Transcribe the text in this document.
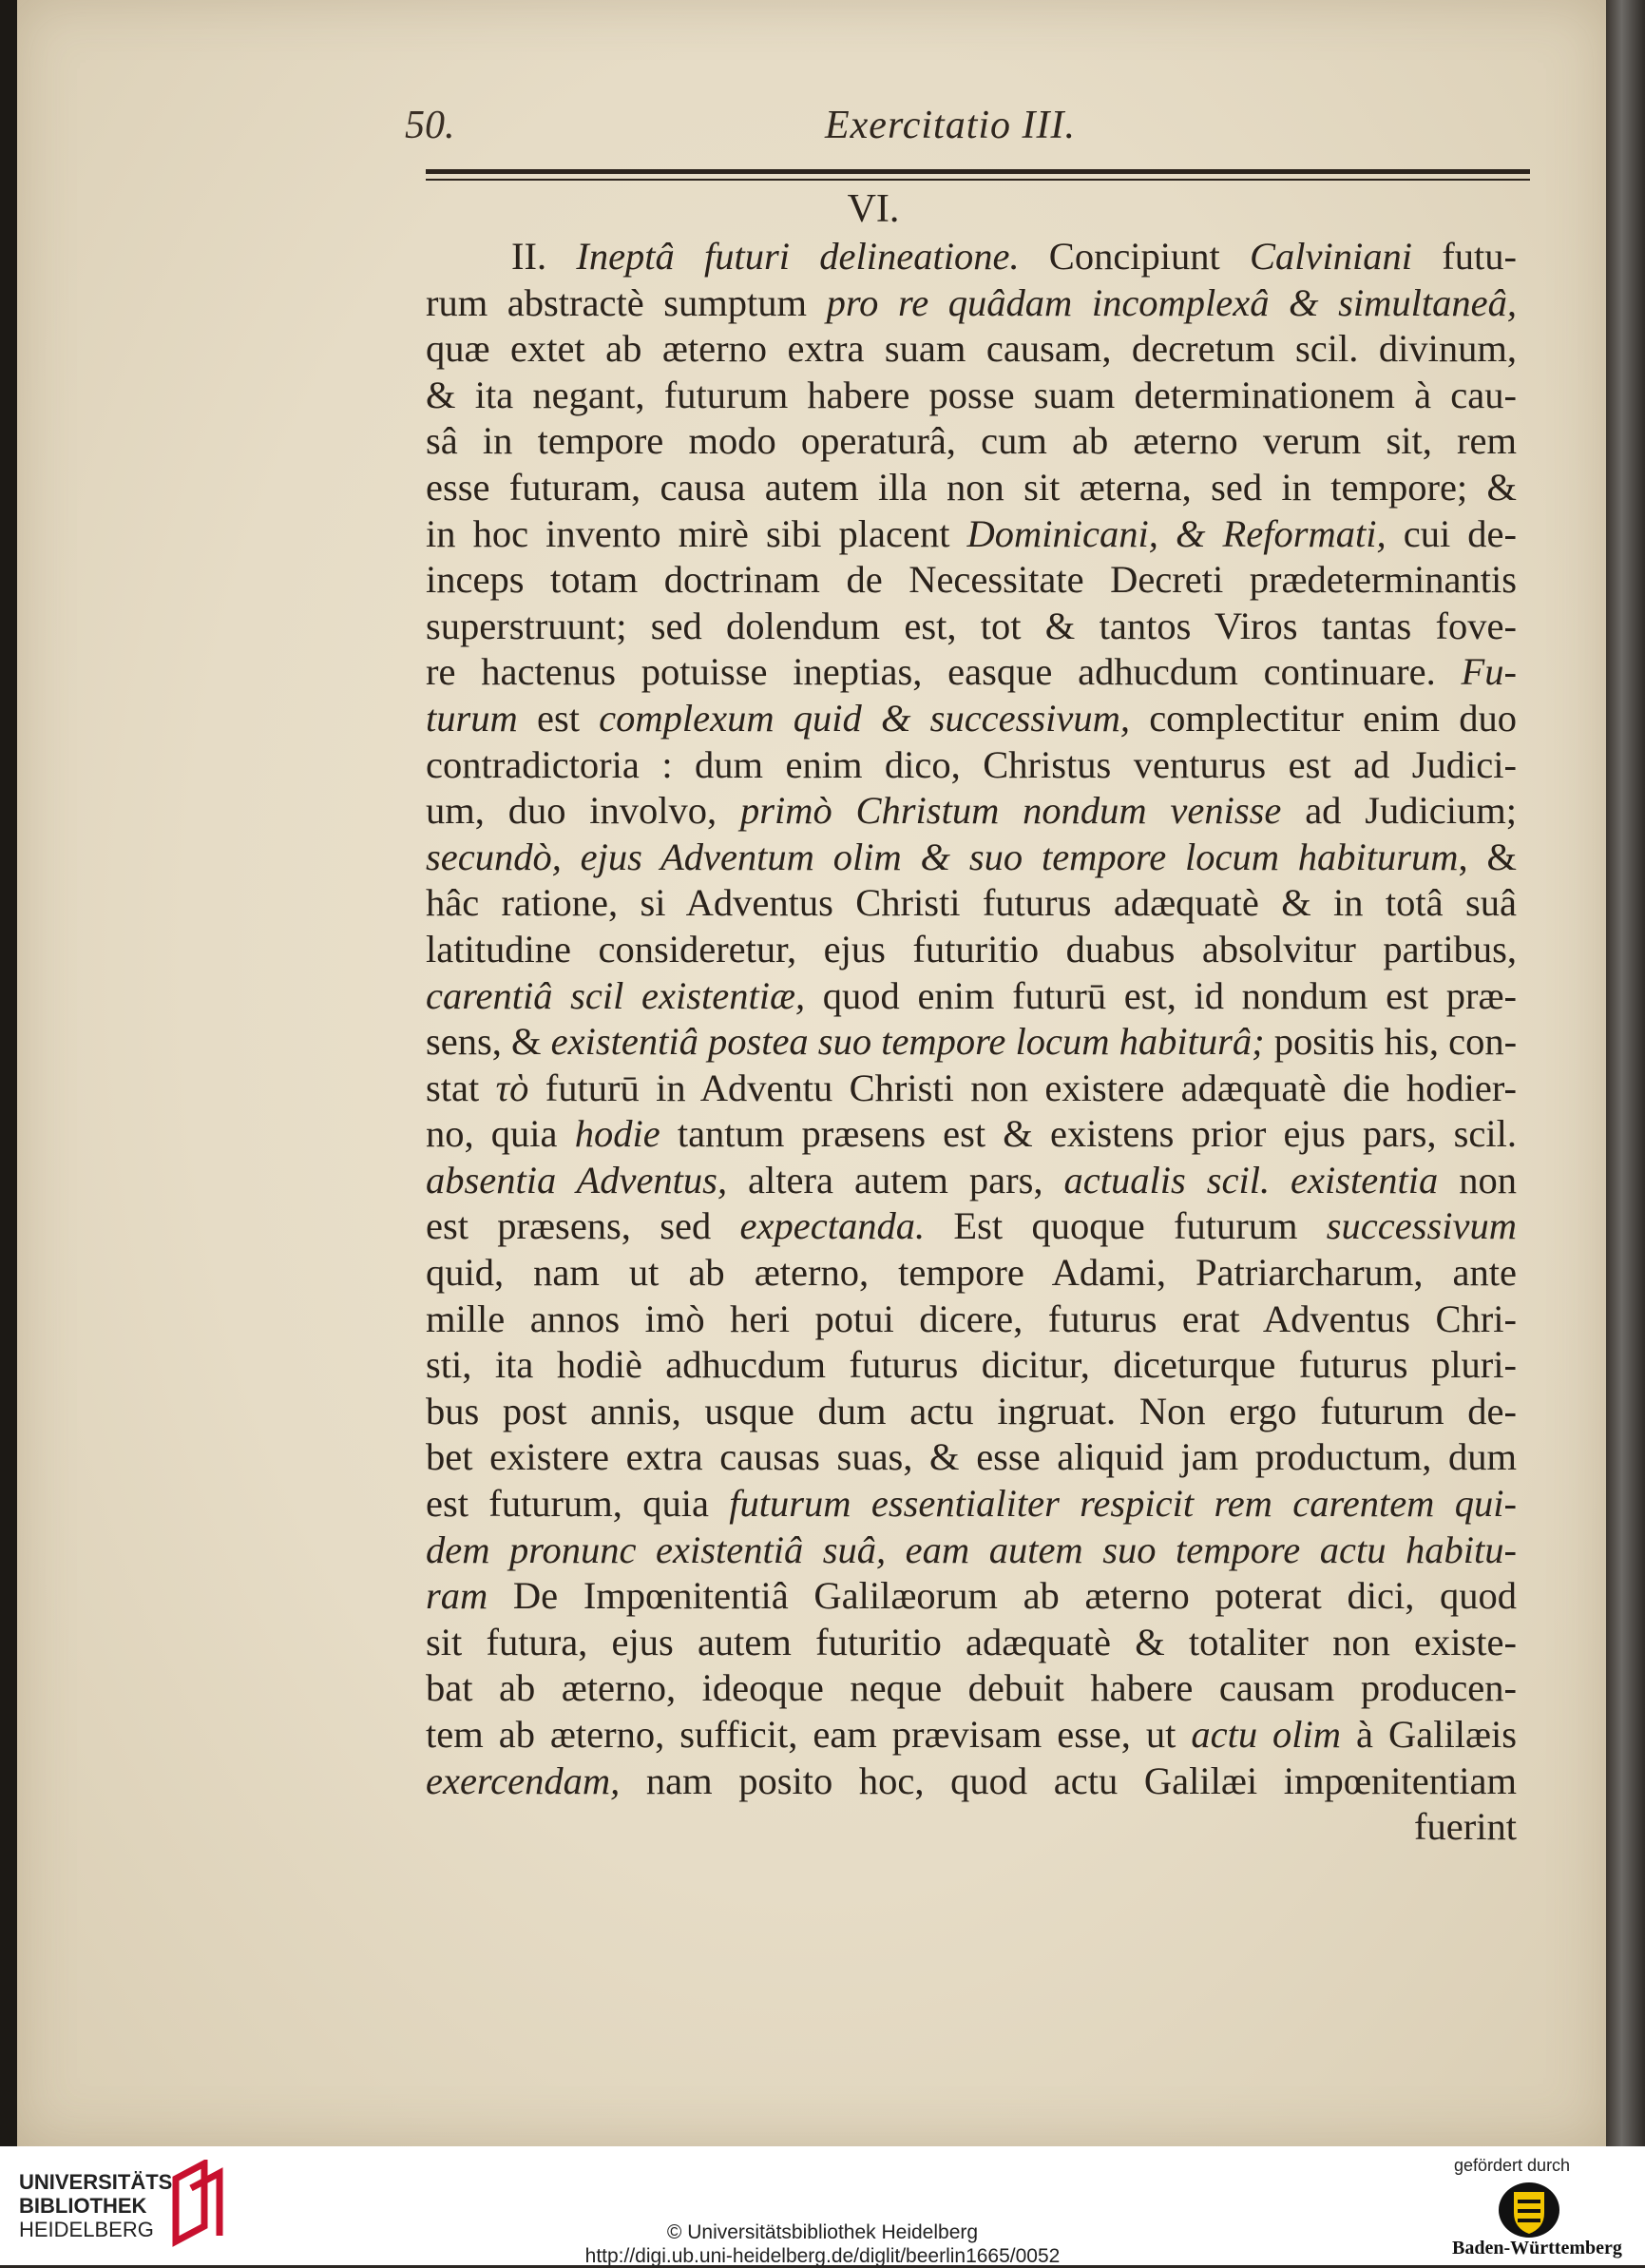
50.	Exercitatio III.
VI.
II. Ineptâ futuri delineatione. Concipiunt Calviniani futu-
rum abstractè sumptum pro re quâdam incomplexâ & simultaneâ,
quæ extet ab æterno extra suam causam, decretum scil. divinum,
& ita negant, futurum habere posse suam determinationem à cau-
sâ in tempore modo operaturâ, cum ab æterno verum sit, rem
esse futuram, causa autem illa non sit æterna, sed in tempore; &
in hoc invento mirè sibi placent Dominicani, & Reformati, cui de-
inceps totam doctrinam de Necessitate Decreti prædeterminantis
superstruunt; sed dolendum est, tot & tantos Viros tantas fove-
re hactenus potuisse ineptias, easque adhucdum continuare. Fu-
turum est complexum quid & successivum, complectitur enim duo
contradictoria : dum enim dico, Christus venturus est ad Judici-
um, duo involvo, primò Christum nondum venisse ad Judicium;
secundò, ejus Adventum olim & suo tempore locum habiturum, &
hâc ratione, si Adventus Christi futurus adæquatè & in totâ suâ
latitudine consideretur, ejus futuritio duabus absolvitur partibus,
carentiâ scil existentiæ, quod enim futurū est, id nondum est præ-
sens, & existentiâ postea suo tempore locum habiturâ; positis his, con-
stat τὸ futurū in Adventu Christi non existere adæquatè die hodier-
no, quia hodie tantum præsens est & existens prior ejus pars, scil.
absentia Adventus, altera autem pars, actualis scil. existentia non
est præsens, sed expectanda. Est quoque futurum successivum
quid, nam ut ab æterno, tempore Adami, Patriarcharum, ante
mille annos imò heri potui dicere, futurus erat Adventus Chri-
sti, ita hodiè adhucdum futurus dicitur, diceturque futurus pluri-
bus post annis, usque dum actu ingruat. Non ergo futurum de-
bet existere extra causas suas, & esse aliquid jam productum, dum
est futurum, quia futurum essentialiter respicit rem carentem qui-
dem pronunc existentiâ suâ, eam autem suo tempore actu habitu-
ram De Impœnitentiâ Galilæorum ab æterno poterat dici, quod
sit futura, ejus autem futuritio adæquatè & totaliter non existe-
bat ab æterno, ideoque neque debuit habere causam producen-
tem ab æterno, sufficit, eam prævisam esse, ut actu olim à Galilæis
exercendam, nam posito hoc, quod actu Galilæi impœnitentiam
fuerint
UNIVERSITÄTS-
BIBLIOTHEK
HEIDELBERG	© Universitätsbibliothek Heidelberg
http://digi.ub.uni-heidelberg.de/diglit/beerlin1665/0052
gefördert durch
Baden-Württemberg
